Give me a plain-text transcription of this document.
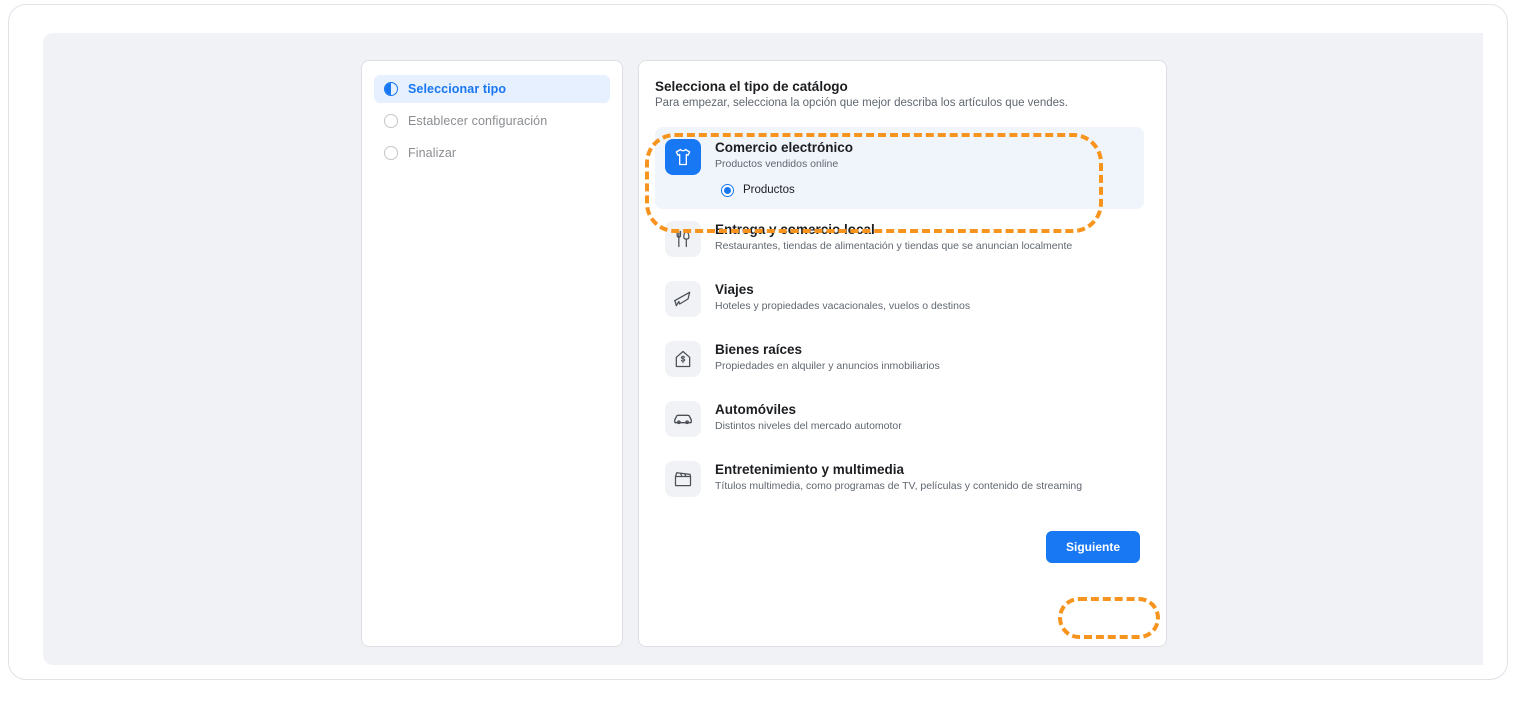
Seleccionar tipo
Establecer configuración
Finalizar
Selecciona el tipo de catálogo

Para empezar, selecciona la opción que mejor describa los artículos que vendes.

Comercio electrónico

Productos vendidos online

Productos

Entrega y comercio local

Restaurantes, tiendas de alimentación y tiendas que se anuncian localmente

Viajes

Hoteles y propiedades vacacionales, vuelos o destinos

Bienes raíces

Propiedades en alquiler y anuncios inmobiliarios

Automóviles

Distintos niveles del mercado automotor

Entretenimiento y multimedia

Títulos multimedia, como programas de TV, películas y contenido de streaming

Siguiente
